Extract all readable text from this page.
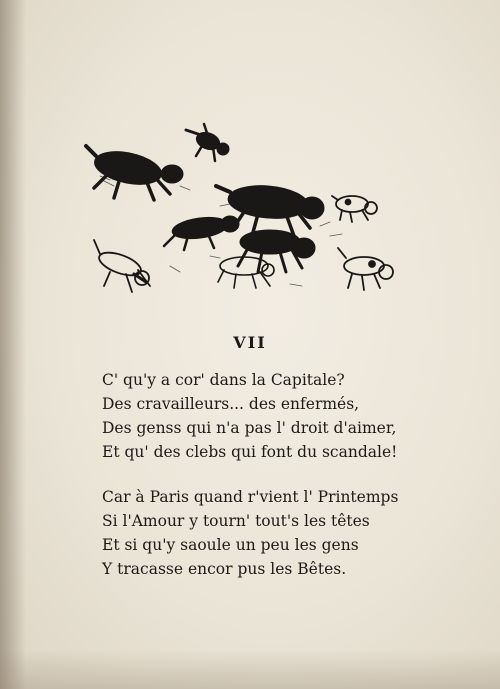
VII
C' qu'y a cor' dans la Capitale?
Des cravailleurs... des enfermés,
Des genss qui n'a pas l' droit d'aimer,
Et qu' des clebs qui font du scandale!
Car à Paris quand r'vient l' Printemps
Si l'Amour y tourn' tout's les têtes
Et si qu'y saoule un peu les gens
Y tracasse encor pus les Bêtes.
